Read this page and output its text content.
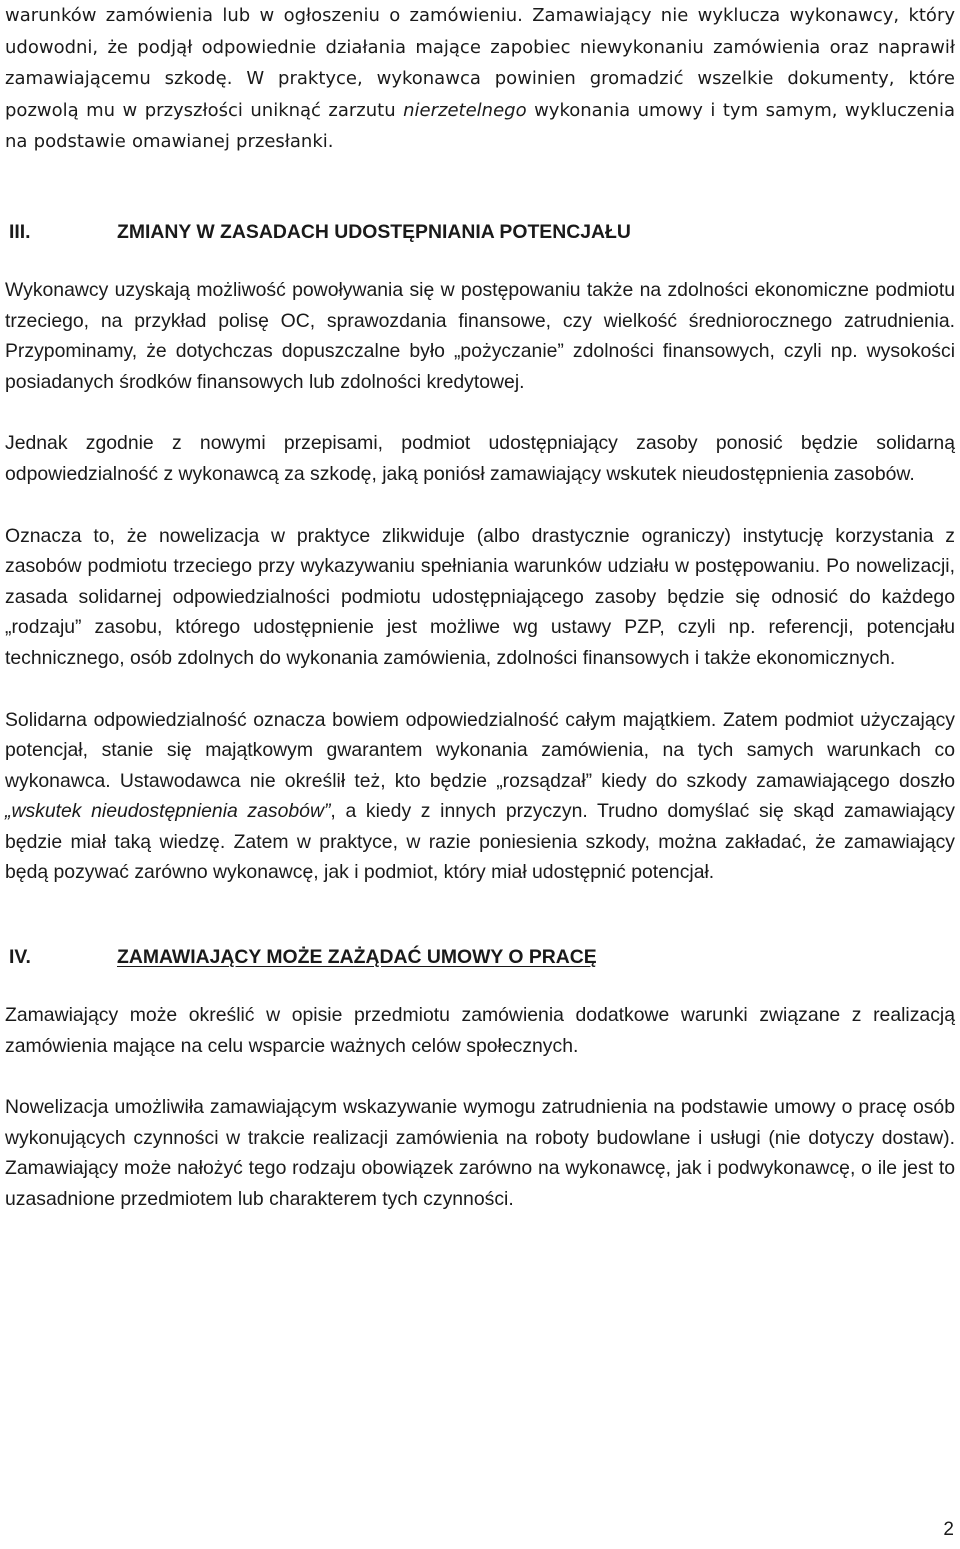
warunków zamówienia lub w ogłoszeniu o zamówieniu. Zamawiający nie wyklucza wykonawcy, który udowodni, że podjął odpowiednie działania mające zapobiec niewykonaniu zamówienia oraz naprawił zamawiającemu szkodę. W praktyce, wykonawca powinien gromadzić wszelkie dokumenty, które pozwolą mu w przyszłości uniknąć zarzutu nierzetelnego wykonania umowy i tym samym, wykluczenia na podstawie omawianej przesłanki.

III.	ZMIANY W ZASADACH UDOSTĘPNIANIA POTENCJAŁU

Wykonawcy uzyskają możliwość powoływania się w postępowaniu także na zdolności ekonomiczne podmiotu trzeciego, na przykład polisę OC, sprawozdania finansowe, czy wielkość średniorocznego zatrudnienia. Przypominamy, że dotychczas dopuszczalne było „pożyczanie” zdolności finansowych, czyli np. wysokości posiadanych środków finansowych lub zdolności kredytowej.

Jednak zgodnie z nowymi przepisami, podmiot udostępniający zasoby ponosić będzie solidarną odpowiedzialność z wykonawcą za szkodę, jaką poniósł zamawiający wskutek nieudostępnienia zasobów.

Oznacza to, że nowelizacja w praktyce zlikwiduje (albo drastycznie ograniczy) instytucję korzystania z zasobów podmiotu trzeciego przy wykazywaniu spełniania warunków udziału w postępowaniu. Po nowelizacji, zasada solidarnej odpowiedzialności podmiotu udostępniającego zasoby będzie się odnosić do każdego „rodzaju” zasobu, którego udostępnienie jest możliwe wg ustawy PZP, czyli np. referencji, potencjału technicznego, osób zdolnych do wykonania zamówienia, zdolności finansowych i także ekonomicznych.

Solidarna odpowiedzialność oznacza bowiem odpowiedzialność całym majątkiem. Zatem podmiot użyczający potencjał, stanie się majątkowym gwarantem wykonania zamówienia, na tych samych warunkach co wykonawca. Ustawodawca nie określił też, kto będzie „rozsądzał” kiedy do szkody zamawiającego doszło „wskutek nieudostępnienia zasobów”, a kiedy z innych przyczyn. Trudno domyślać się skąd zamawiający będzie miał taką wiedzę. Zatem w praktyce, w razie poniesienia szkody, można zakładać, że zamawiający będą pozywać zarówno wykonawcę, jak i podmiot, który miał udostępnić potencjał.

IV.	ZAMAWIAJĄCY MOŻE ZAŻĄDAĆ UMOWY O PRACĘ

Zamawiający może określić w opisie przedmiotu zamówienia dodatkowe warunki związane z realizacją zamówienia mające na celu wsparcie ważnych celów społecznych.

Nowelizacja umożliwiła zamawiającym wskazywanie wymogu zatrudnienia na podstawie umowy o pracę osób wykonujących czynności w trakcie realizacji zamówienia na roboty budowlane i usługi (nie dotyczy dostaw). Zamawiający może nałożyć tego rodzaju obowiązek zarówno na wykonawcę, jak i podwykonawcę, o ile jest to uzasadnione przedmiotem lub charakterem tych czynności.

2
